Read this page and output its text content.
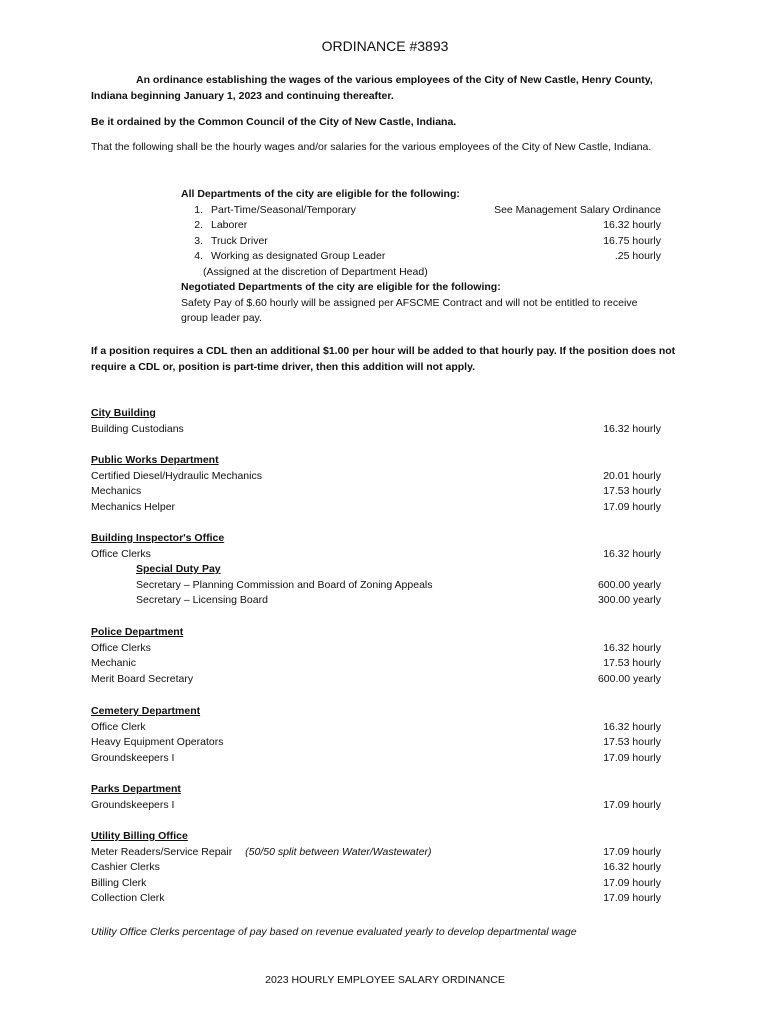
ORDINANCE #3893
An ordinance establishing the wages of the various employees of the City of New Castle, Henry County, Indiana beginning January 1, 2023 and continuing thereafter.
Be it ordained by the Common Council of the City of New Castle, Indiana.
That the following shall be the hourly wages and/or salaries for the various employees of the City of New Castle, Indiana.
All Departments of the city are eligible for the following:
1. Part-Time/Seasonal/Temporary	See Management Salary Ordinance
2. Laborer	16.32 hourly
3. Truck Driver	16.75 hourly
4. Working as designated Group Leader	.25 hourly
(Assigned at the discretion of Department Head)
Negotiated Departments of the city are eligible for the following:
Safety Pay of $.60 hourly will be assigned per AFSCME Contract and will not be entitled to receive group leader pay.
If a position requires a CDL then an additional $1.00 per hour will be added to that hourly pay. If the position does not require a CDL or, position is part-time driver, then this addition will not apply.
City Building
Building Custodians	16.32 hourly
Public Works Department
Certified Diesel/Hydraulic Mechanics	20.01 hourly
Mechanics	17.53 hourly
Mechanics Helper	17.09 hourly
Building Inspector's Office
Office Clerks	16.32 hourly
Special Duty Pay
Secretary – Planning Commission and Board of Zoning Appeals	600.00 yearly
Secretary – Licensing Board	300.00 yearly
Police Department
Office Clerks	16.32 hourly
Mechanic	17.53 hourly
Merit Board Secretary	600.00 yearly
Cemetery Department
Office Clerk	16.32 hourly
Heavy Equipment Operators	17.53 hourly
Groundskeepers I	17.09 hourly
Parks Department
Groundskeepers I	17.09 hourly
Utility Billing Office
Meter Readers/Service Repair (50/50 split between Water/Wastewater)	17.09 hourly
Cashier Clerks	16.32 hourly
Billing Clerk	17.09 hourly
Collection Clerk	17.09 hourly
Utility Office Clerks percentage of pay based on revenue evaluated yearly to develop departmental wage
2023 HOURLY EMPLOYEE SALARY ORDINANCE
